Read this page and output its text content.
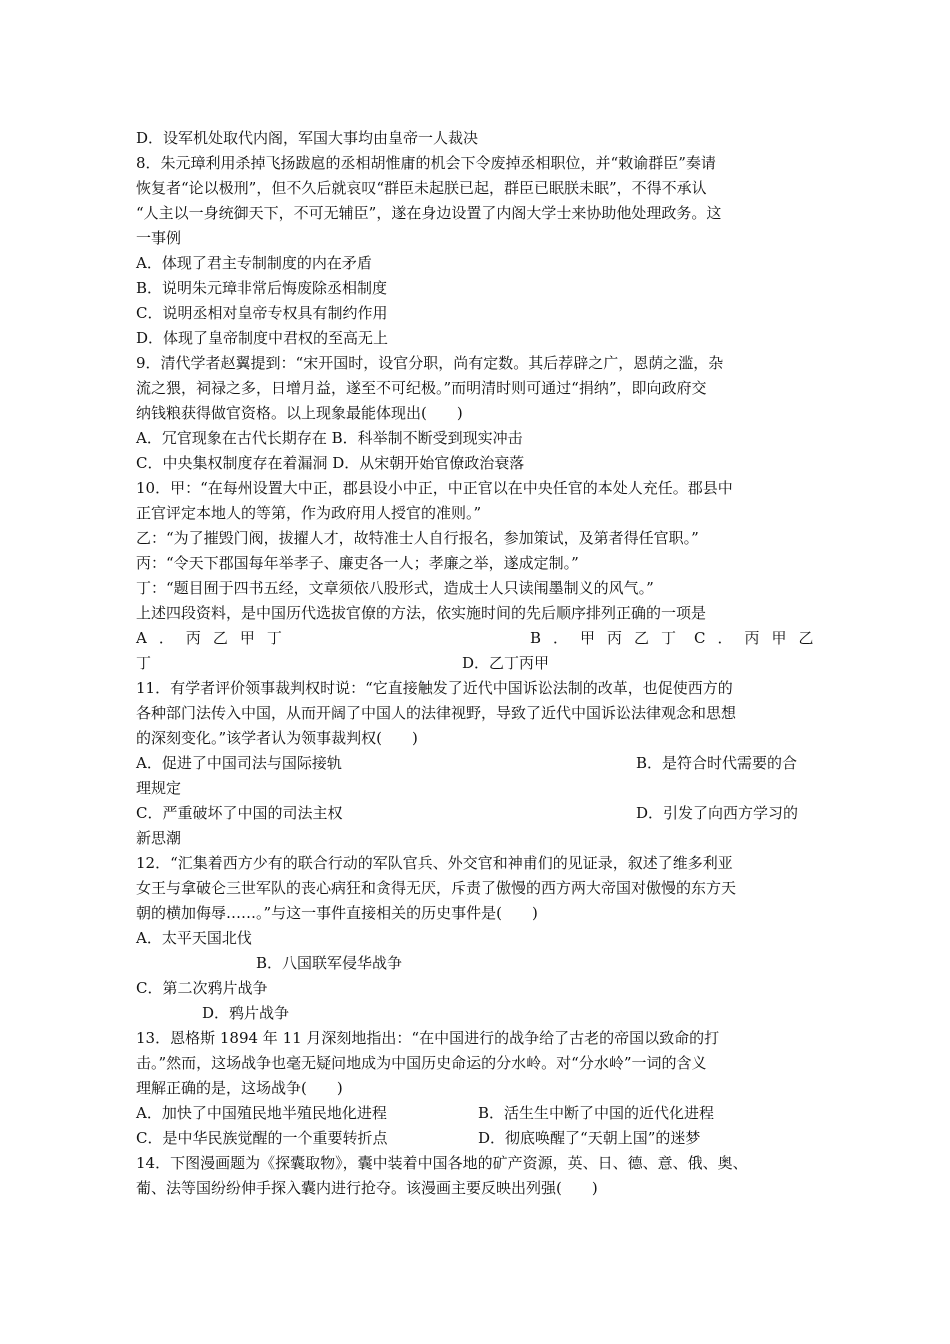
D．设军机处取代内阁，军国大事均由皇帝一人裁决
8．朱元璋利用杀掉飞扬跋扈的丞相胡惟庸的机会下令废掉丞相职位，并“敕谕群臣”奏请
恢复者“论以极刑”，但不久后就哀叹“群臣未起朕已起，群臣已眠朕未眠”，不得不承认
“人主以一身统御天下，不可无辅臣”，遂在身边设置了内阁大学士来协助他处理政务。这
一事例
A．体现了君主专制制度的内在矛盾
B．说明朱元璋非常后悔废除丞相制度
C．说明丞相对皇帝专权具有制约作用
D．体现了皇帝制度中君权的至高无上
9．清代学者赵翼提到：“宋开国时，设官分职，尚有定数。其后荐辟之广，恩荫之滥，杂
流之猥，祠禄之多，日增月益，遂至不可纪极。”而明清时则可通过“捐纳”，即向政府交
纳钱粮获得做官资格。以上现象最能体现出(　　)
A．冗官现象在古代长期存在 B．科举制不断受到现实冲击
C．中央集权制度存在着漏洞 D．从宋朝开始官僚政治衰落
10．甲：“在每州设置大中正，郡县设小中正，中正官以在中央任官的本处人充任。郡县中
正官评定本地人的等第，作为政府用人授官的准则。”
乙：“为了摧毁门阀，拔擢人才，故特准士人自行报名，参加策试，及第者得任官职。”
丙：“令天下郡国每年举孝子、廉吏各一人；孝廉之举，遂成定制。”
丁：“题目囿于四书五经，文章须依八股形式，造成士人只读闱墨制义的风气。”
上述四段资料，是中国历代选拔官僚的方法，依实施时间的先后顺序排列正确的一项是
A．丙乙甲丁	B．甲丙乙丁 C．丙甲乙
丁	D．乙丁丙甲
11．有学者评价领事裁判权时说：“它直接触发了近代中国诉讼法制的改革，也促使西方的
各种部门法传入中国，从而开阔了中国人的法律视野，导致了近代中国诉讼法律观念和思想
的深刻变化。”该学者认为领事裁判权(　　)
A．促进了中国司法与国际接轨	B．是符合时代需要的合
理规定
C．严重破坏了中国的司法主权	D．引发了向西方学习的
新思潮
12．“汇集着西方少有的联合行动的军队官兵、外交官和神甫们的见证录，叙述了维多利亚
女王与拿破仑三世军队的丧心病狂和贪得无厌，斥责了傲慢的西方两大帝国对傲慢的东方天
朝的横加侮辱……。”与这一事件直接相关的历史事件是(　　)
A．太平天国北伐
B．八国联军侵华战争
C．第二次鸦片战争
D．鸦片战争
13．恩格斯 1894 年 11 月深刻地指出：“在中国进行的战争给了古老的帝国以致命的打
击。”然而，这场战争也毫无疑问地成为中国历史命运的分水岭。对“分水岭”一词的含义
理解正确的是，这场战争(　　)
A．加快了中国殖民地半殖民地化进程	B．活生生中断了中国的近代化进程
C．是中华民族觉醒的一个重要转折点	D．彻底唤醒了“天朝上国”的迷梦
14．下图漫画题为《探囊取物》，囊中装着中国各地的矿产资源，英、日、德、意、俄、奥、
葡、法等国纷纷伸手探入囊内进行抢夺。该漫画主要反映出列强(　　)
